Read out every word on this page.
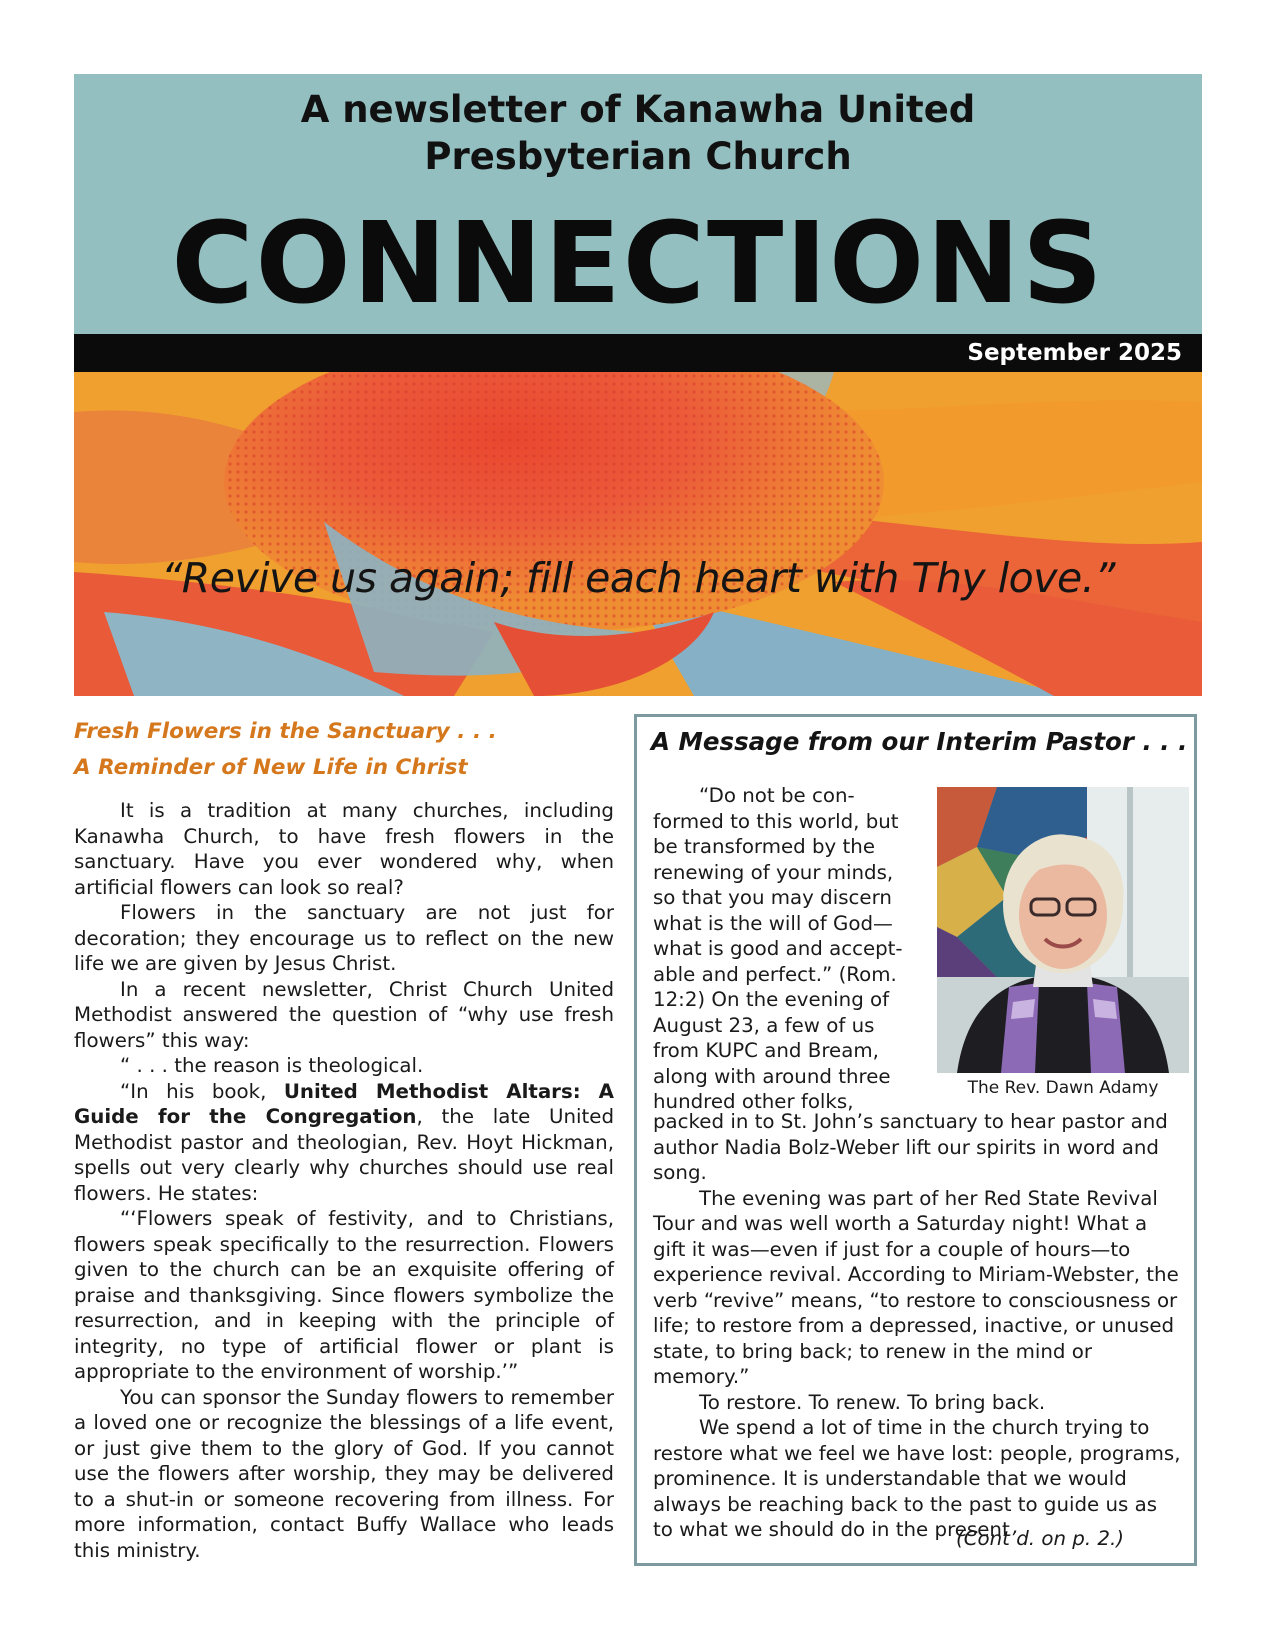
A newsletter of Kanawha United
Presbyterian Church
CONNECTIONS
September 2025
“Revive us again; fill each heart with Thy love.”
Fresh Flowers in the Sanctuary . . .
A Reminder of New Life in Christ

It is a tradition at many churches, including Kanawha Church, to have fresh flowers in the sanctuary. Have you ever wondered why, when artificial flowers can look so real?

Flowers in the sanctuary are not just for decoration; they encourage us to reflect on the new life we are given by Jesus Christ.

In a recent newsletter, Christ Church United Methodist answered the question of “why use fresh flowers” this way:

“ . . . the reason is theological.

“In his book, United Methodist Altars: A Guide for the Congregation, the late United Methodist pastor and theologian, Rev. Hoyt Hickman, spells out very clearly why churches should use real flowers. He states:

“‘Flowers speak of festivity, and to Christians, flowers speak specifically to the resurrection. Flowers given to the church can be an exquisite offering of praise and thanksgiving. Since flowers symbolize the resurrection, and in keeping with the principle of integrity, no type of artificial flower or plant is appropriate to the environment of worship.’”

You can sponsor the Sunday flowers to remember a loved one or recognize the blessings of a life event, or just give them to the glory of God. If you cannot use the flowers after worship, they may be delivered to a shut-in or someone recovering from illness. For more information, contact Buffy Wallace who leads this ministry.

A Message from our Interim Pastor . . .

“Do not be con-

formed to this world, but

be transformed by the

renewing of your minds,

so that you may discern

what is the will of God—

what is good and accept-

able and perfect.” (Rom.

12:2) On the evening of

August 23, a few of us

from KUPC and Bream,

along with around three

hundred other folks,

The Rev. Dawn Adamy

packed in to St. John’s sanctuary to hear pastor and author Nadia Bolz-Weber lift our spirits in word and song.

The evening was part of her Red State Revival Tour and was well worth a Saturday night! What a gift it was—even if just for a couple of hours—to experience revival. According to Miriam-Webster, the verb “revive” means, “to restore to consciousness or life; to restore from a depressed, inactive, or unused state, to bring back; to renew in the mind or memory.”

To restore. To renew. To bring back.

We spend a lot of time in the church trying to restore what we feel we have lost: people, programs, prominence. It is understandable that we would always be reaching back to the past to guide us as to what we should do in the present

(Cont’d. on p. 2.)
